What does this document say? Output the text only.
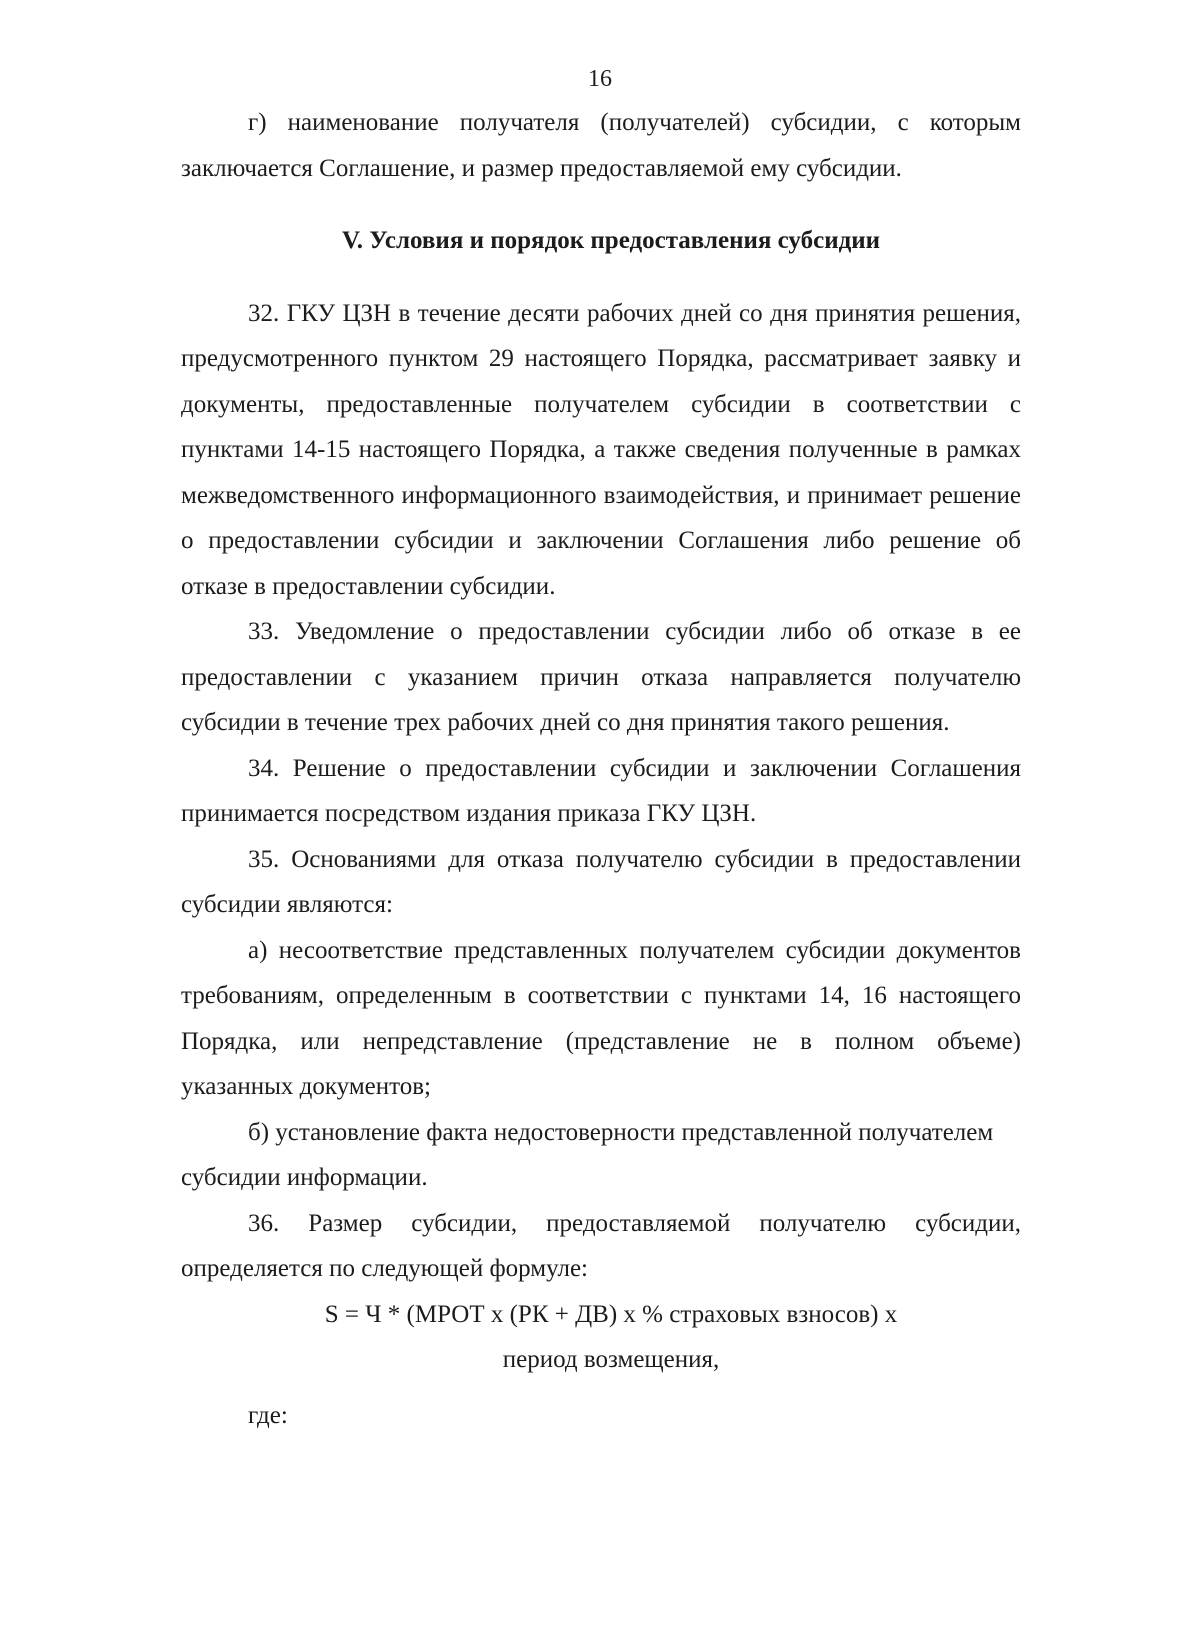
16

г) наименование получателя (получателей) субсидии, с которым заключается Соглашение, и размер предоставляемой ему субсидии.

V. Условия и порядок предоставления субсидии

32. ГКУ ЦЗН в течение десяти рабочих дней со дня принятия решения, предусмотренного пунктом 29 настоящего Порядка, рассматривает заявку и документы, предоставленные получателем субсидии в соответствии с пунктами 14-15 настоящего Порядка, а также сведения полученные в рамках межведомственного информационного взаимодействия, и принимает решение о предоставлении субсидии и заключении Соглашения либо решение об отказе в предоставлении субсидии.

33. Уведомление о предоставлении субсидии либо об отказе в ее предоставлении с указанием причин отказа направляется получателю субсидии в течение трех рабочих дней со дня принятия такого решения.

34. Решение о предоставлении субсидии и заключении Соглашения принимается посредством издания приказа ГКУ ЦЗН.

35. Основаниями для отказа получателю субсидии в предоставлении субсидии являются:

а) несоответствие представленных получателем субсидии документов требованиям, определенным в соответствии с пунктами 14, 16 настоящего Порядка, или непредставление (представление не в полном объеме) указанных документов;

б) установление факта недостоверности представленной получателем субсидии информации.

36. Размер субсидии, предоставляемой получателю субсидии, определяется по следующей формуле:

S = Ч * (МРОТ х (РК + ДВ) х % страховых взносов) х

период возмещения,

где:
